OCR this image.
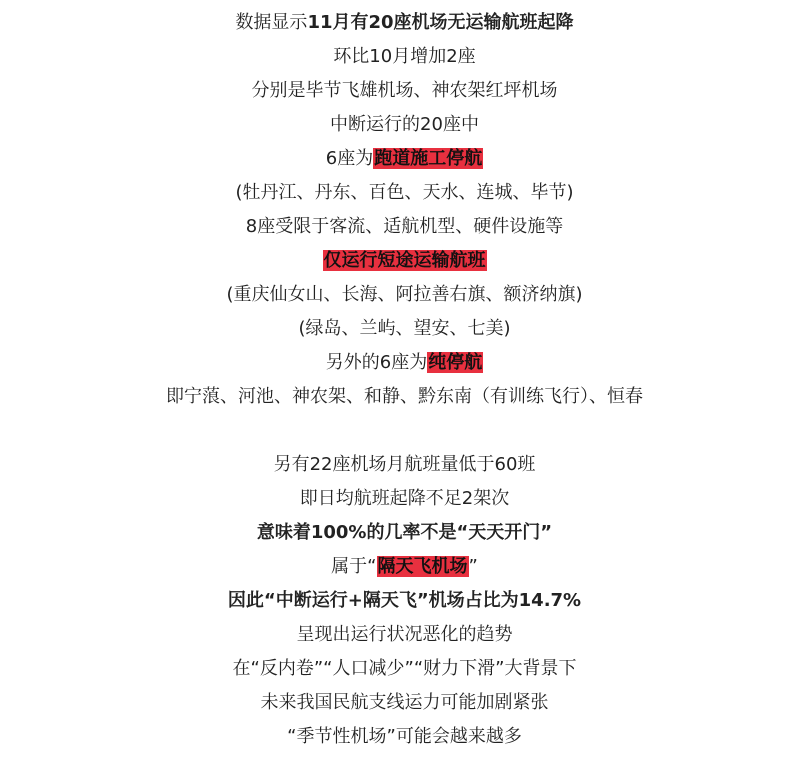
数据显示11月有20座机场无运输航班起降
环比10月增加2座
分别是毕节飞雄机场、神农架红坪机场
中断运行的20座中
6座为跑道施工停航
(牡丹江、丹东、百色、天水、连城、毕节)
8座受限于客流、适航机型、硬件设施等
仅运行短途运输航班
(重庆仙女山、长海、阿拉善右旗、额济纳旗)
(绿岛、兰屿、望安、七美)
另外的6座为纯停航
即宁蒗、河池、神农架、和静、黔东南（有训练飞行）、恒春
另有22座机场月航班量低于60班
即日均航班起降不足2架次
意味着100%的几率不是“天天开门”
属于“隔天飞机场”
因此“中断运行+隔天飞”机场占比为14.7%
呈现出运行状况恶化的趋势
在“反内卷”“人口减少”“财力下滑”大背景下
未来我国民航支线运力可能加剧紧张
“季节性机场”可能会越来越多
